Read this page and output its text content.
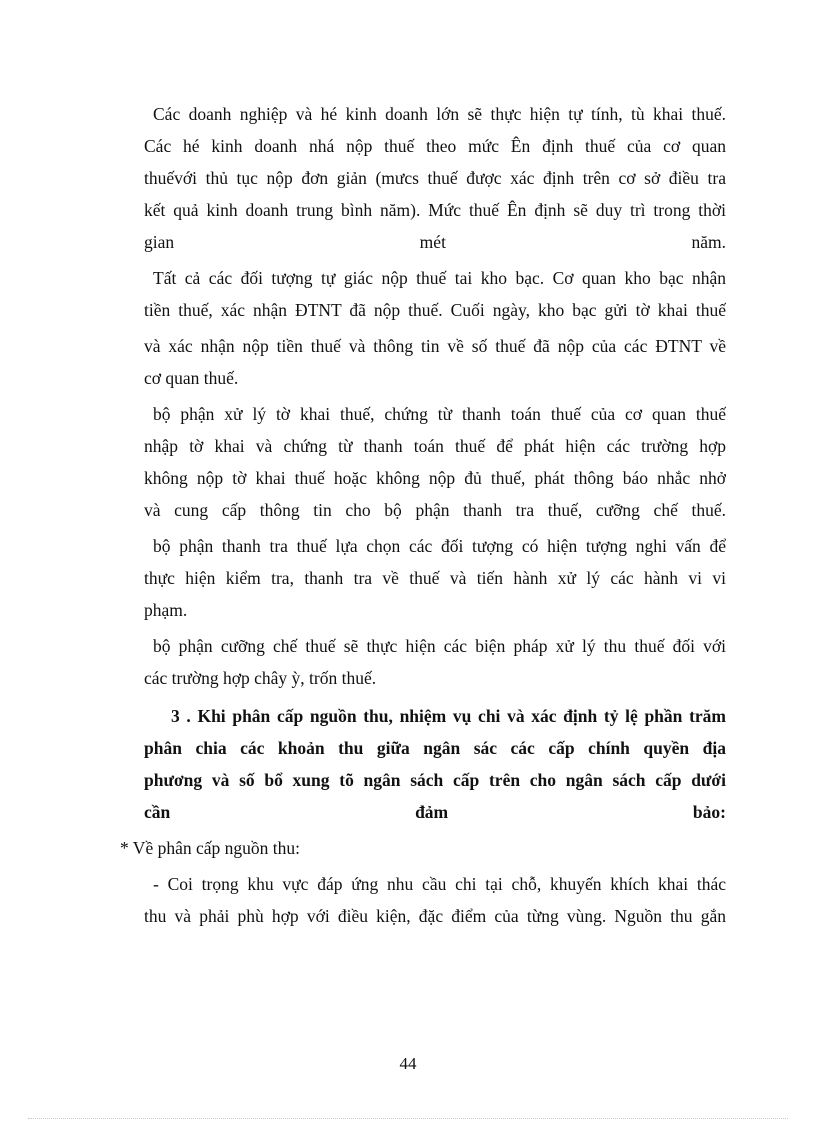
Các doanh nghiệp và hé kinh doanh lớn sẽ thực hiện tự tính, tù khai thuế.
Các hé kinh doanh nhá nộp thuế theo mức Ên định thuế của cơ quan
thuếvới thủ tục nộp đơn giản (mưcs thuế được xác định trên cơ sở điều tra
kết quả kinh doanh trung bình năm). Mức thuế Ên định sẽ duy trì trong thời
gian mét năm.
Tất cả các đối tượng tự giác nộp thuế tai kho bạc. Cơ quan kho bạc nhận
tiền thuế, xác nhận ĐTNT đã nộp thuế. Cuối ngày, kho bạc gửi tờ khai thuế
và xác nhận nộp tiền thuế và thông tin về số thuế đã nộp của các ĐTNT về
cơ quan thuế.
bộ phận xử lý tờ khai thuế, chứng từ thanh toán thuế của cơ quan thuế
nhập tờ khai và chứng từ thanh toán thuế để phát hiện các trường hợp
không nộp tờ khai thuế hoặc không nộp đủ thuế, phát thông báo nhắc nhở
và cung cấp thông tin cho bộ phận thanh tra thuế, cưỡng chế thuế.
bộ phận thanh tra thuế lựa chọn các đối tượng có hiện tượng nghi vấn để
thực hiện kiểm tra, thanh tra về thuế và tiến hành xử lý các hành vi vi
phạm.
bộ phận cưỡng chế thuế sẽ thực hiện các biện pháp xử lý thu thuế đối với
các trường hợp chây ỳ, trốn thuế.
3 . Khi phân cấp nguồn thu, nhiệm vụ chi và xác định tỷ lệ phần trăm
phân chia các khoản thu giữa ngân sác các cấp chính quyền địa
phương và số bổ xung tõ ngân sách cấp trên cho ngân sách cấp dưới
cần đảm bảo:
* Về phân cấp nguồn thu:
- Coi trọng khu vực đáp ứng nhu cầu chi tại chỗ, khuyến khích khai thác
thu và phải phù hợp với điều kiện, đặc điểm của từng vùng. Nguồn thu gắn
44
